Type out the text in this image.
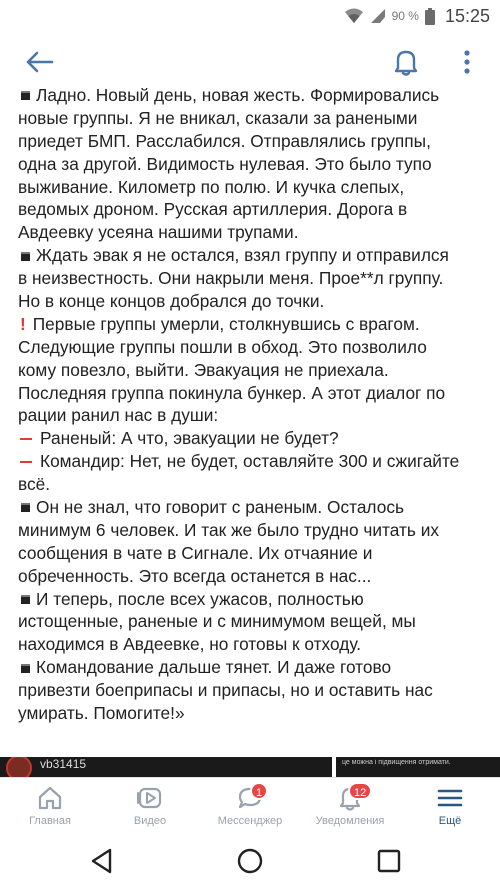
90 % 15:25
Ладно. Новый день, новая жесть. Формировались
новые группы. Я не вникал, сказали за ранеными
приедет БМП. Расслабился. Отправлялись группы,
одна за другой. Видимость нулевая. Это было тупо
выживание. Километр по полю. И кучка слепых,
ведомых дроном. Русская артиллерия. Дорога в
Авдеевку усеяна нашими трупами.
Ждать эвак я не остался, взял группу и отправился
в неизвестность. Они накрыли меня. Прое**л группу.
Но в конце концов добрался до точки.
! Первые группы умерли, столкнувшись с врагом.
Следующие группы пошли в обход. Это позволило
кому повезло, выйти. Эвакуация не приехала.
Последняя группа покинула бункер. А этот диалог по
рации ранил нас в души:
Раненый: А что, эвакуации не будет?
Командир: Нет, не будет, оставляйте 300 и сжигайте
всё.
Он не знал, что говорит с раненым. Осталось
минимум 6 человек. И так же было трудно читать их
сообщения в чате в Сигнале. Их отчаяние и
обреченность. Это всегда останется в нас...
И теперь, после всех ужасов, полностью
истощенные, раненые и с минимумом вещей, мы
находимся в Авдеевке, но готовы к отходу.
Командование дальше тянет. И даже готово
привезти боеприпасы и припасы, но и оставить нас
умирать. Помогите!»
vb31415	це можна і підвищення отримати.
Главная	Видео
1
Мессенджер
12
Уведомления	Ещё
